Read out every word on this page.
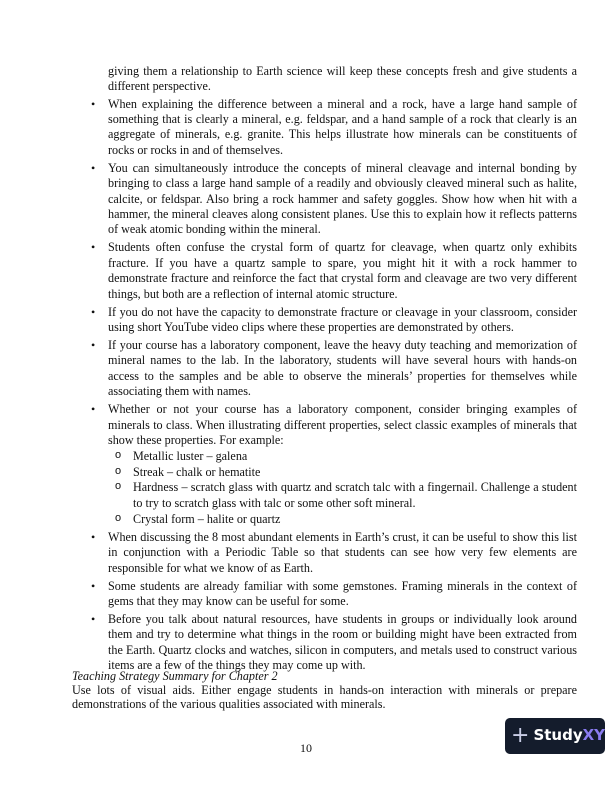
giving them a relationship to Earth science will keep these concepts fresh and give students a different perspective.
• When explaining the difference between a mineral and a rock, have a large hand sample of something that is clearly a mineral, e.g. feldspar, and a hand sample of a rock that clearly is an aggregate of minerals, e.g. granite. This helps illustrate how minerals can be constituents of rocks or rocks in and of themselves.
• You can simultaneously introduce the concepts of mineral cleavage and internal bonding by bringing to class a large hand sample of a readily and obviously cleaved mineral such as halite, calcite, or feldspar. Also bring a rock hammer and safety goggles. Show how when hit with a hammer, the mineral cleaves along consistent planes. Use this to explain how it reflects patterns of weak atomic bonding within the mineral.
• Students often confuse the crystal form of quartz for cleavage, when quartz only exhibits fracture. If you have a quartz sample to spare, you might hit it with a rock hammer to demonstrate fracture and reinforce the fact that crystal form and cleavage are two very different things, but both are a reflection of internal atomic structure.
• If you do not have the capacity to demonstrate fracture or cleavage in your classroom, consider using short YouTube video clips where these properties are demonstrated by others.
• If your course has a laboratory component, leave the heavy duty teaching and memorization of mineral names to the lab. In the laboratory, students will have several hours with hands-on access to the samples and be able to observe the minerals’ properties for themselves while associating them with names.
• Whether or not your course has a laboratory component, consider bringing examples of minerals to class. When illustrating different properties, select classic examples of minerals that show these properties. For example:
o Metallic luster – galena
o Streak – chalk or hematite
o Hardness – scratch glass with quartz and scratch talc with a fingernail. Challenge a student to try to scratch glass with talc or some other soft mineral.
o Crystal form – halite or quartz
• When discussing the 8 most abundant elements in Earth’s crust, it can be useful to show this list in conjunction with a Periodic Table so that students can see how very few elements are responsible for what we know of as Earth.
• Some students are already familiar with some gemstones. Framing minerals in the context of gems that they may know can be useful for some.
• Before you talk about natural resources, have students in groups or individually look around them and try to determine what things in the room or building might have been extracted from the Earth. Quartz clocks and watches, silicon in computers, and metals used to construct various items are a few of the things they may come up with.
Teaching Strategy Summary for Chapter 2

Use lots of visual aids. Either engage students in hands-on interaction with minerals or prepare demonstrations of the various qualities associated with minerals.

10	+ Study XY
